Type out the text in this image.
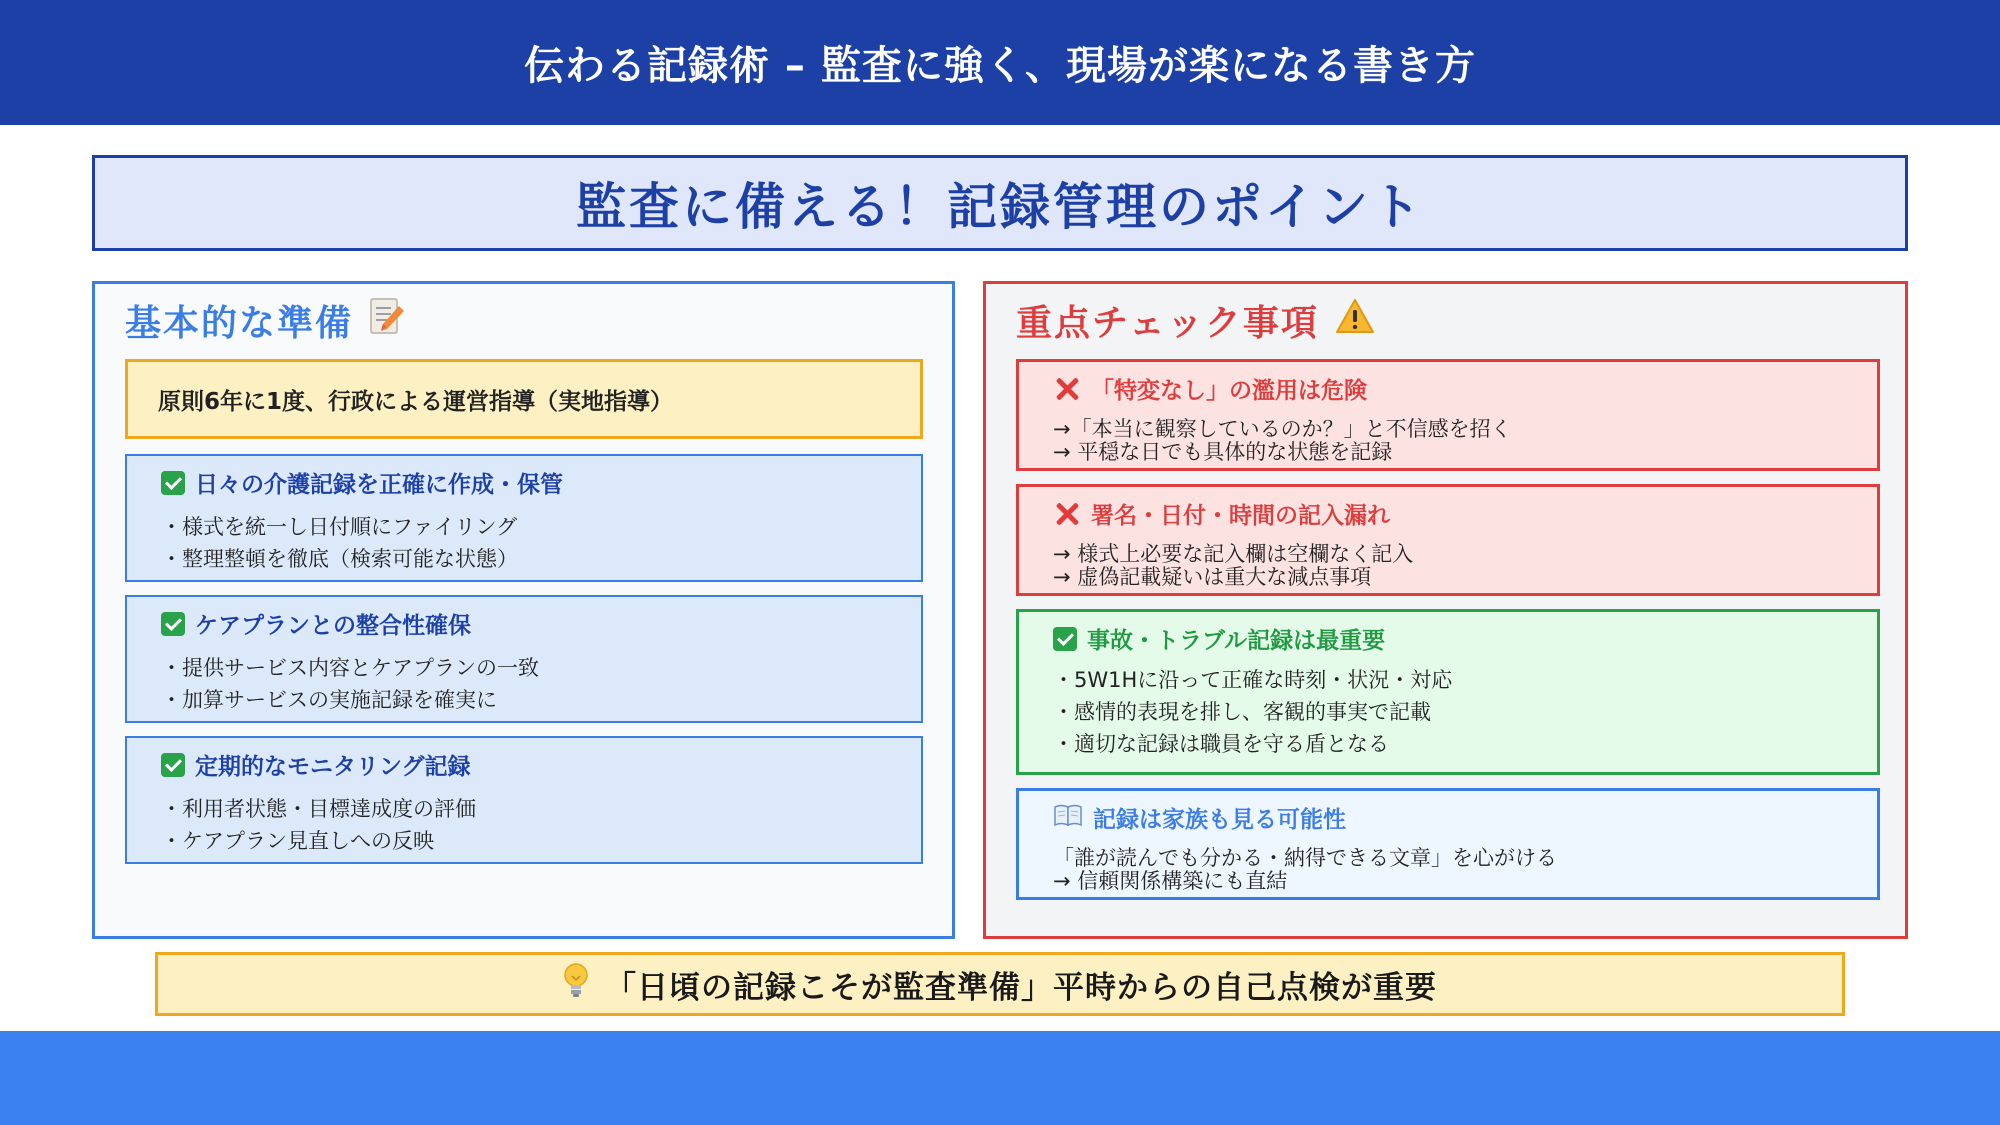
伝わる記録術 – 監査に強く、現場が楽になる書き方
監査に備える！記録管理のポイント
基本的な準備
原則6年に1度、行政による運営指導（実地指導）
日々の介護記録を正確に作成・保管
・様式を統一し日付順にファイリング
・整理整頓を徹底（検索可能な状態）
ケアプランとの整合性確保
・提供サービス内容とケアプランの一致
・加算サービスの実施記録を確実に
定期的なモニタリング記録
・利用者状態・目標達成度の評価
・ケアプラン見直しへの反映
重点チェック事項
「特変なし」の濫用は危険
→「本当に観察しているのか？」と不信感を招く
→ 平穏な日でも具体的な状態を記録
署名・日付・時間の記入漏れ
→ 様式上必要な記入欄は空欄なく記入
→ 虚偽記載疑いは重大な減点事項
事故・トラブル記録は最重要
・5W1Hに沿って正確な時刻・状況・対応
・感情的表現を排し、客観的事実で記載
・適切な記録は職員を守る盾となる
記録は家族も見る可能性
「誰が読んでも分かる・納得できる文章」を心がける
→ 信頼関係構築にも直結
「日頃の記録こそが監査準備」平時からの自己点検が重要
